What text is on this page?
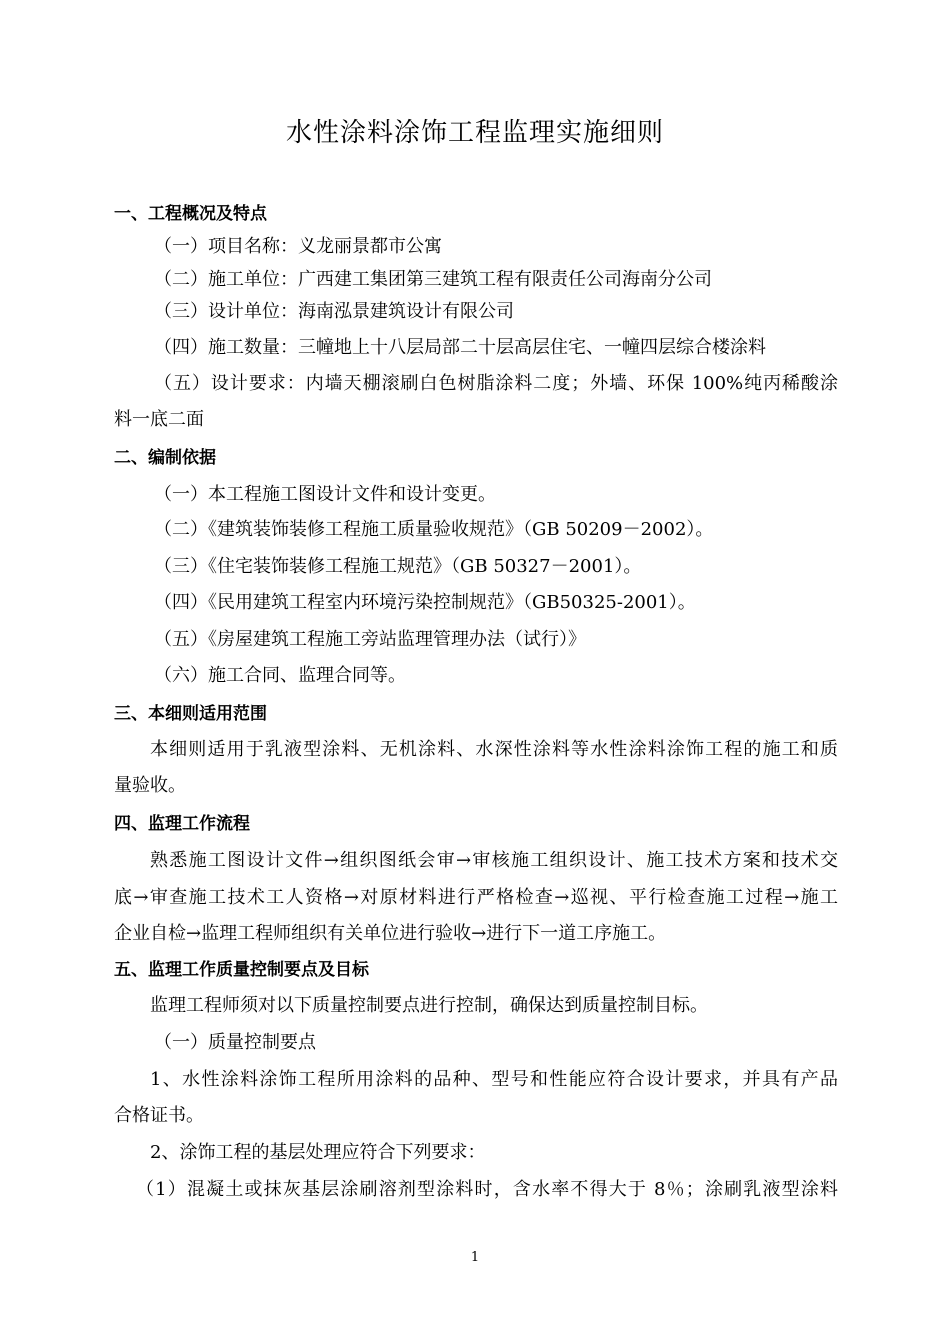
水性涂料涂饰工程监理实施细则
一、工程概况及特点
（一）项目名称：义龙丽景都市公寓
（二）施工单位：广西建工集团第三建筑工程有限责任公司海南分公司
（三）设计单位：海南泓景建筑设计有限公司
（四）施工数量：三幢地上十八层局部二十层高层住宅、一幢四层综合楼涂料
（五）设计要求：内墙天棚滚刷白色树脂涂料二度；外墙、环保 100%纯丙稀酸涂
料一底二面
二、编制依据
（一）本工程施工图设计文件和设计变更。
（二）《建筑装饰装修工程施工质量验收规范》（GB 50209－2002）。
（三）《住宅装饰装修工程施工规范》（GB 50327－2001）。
（四）《民用建筑工程室内环境污染控制规范》（GB50325-2001）。
（五）《房屋建筑工程施工旁站监理管理办法（试行）》
（六）施工合同、监理合同等。
三、本细则适用范围
本细则适用于乳液型涂料、无机涂料、水深性涂料等水性涂料涂饰工程的施工和质
量验收。
四、监理工作流程
熟悉施工图设计文件→组织图纸会审→审核施工组织设计、施工技术方案和技术交
底→审查施工技术工人资格→对原材料进行严格检查→巡视、平行检查施工过程→施工
企业自检→监理工程师组织有关单位进行验收→进行下一道工序施工。
五、监理工作质量控制要点及目标
监理工程师须对以下质量控制要点进行控制，确保达到质量控制目标。
（一）质量控制要点
1、水性涂料涂饰工程所用涂料的品种、型号和性能应符合设计要求，并具有产品
合格证书。
2、涂饰工程的基层处理应符合下列要求：
（1）混凝土或抹灰基层涂刷溶剂型涂料时，含水率不得大于 8％；涂刷乳液型涂料
1
